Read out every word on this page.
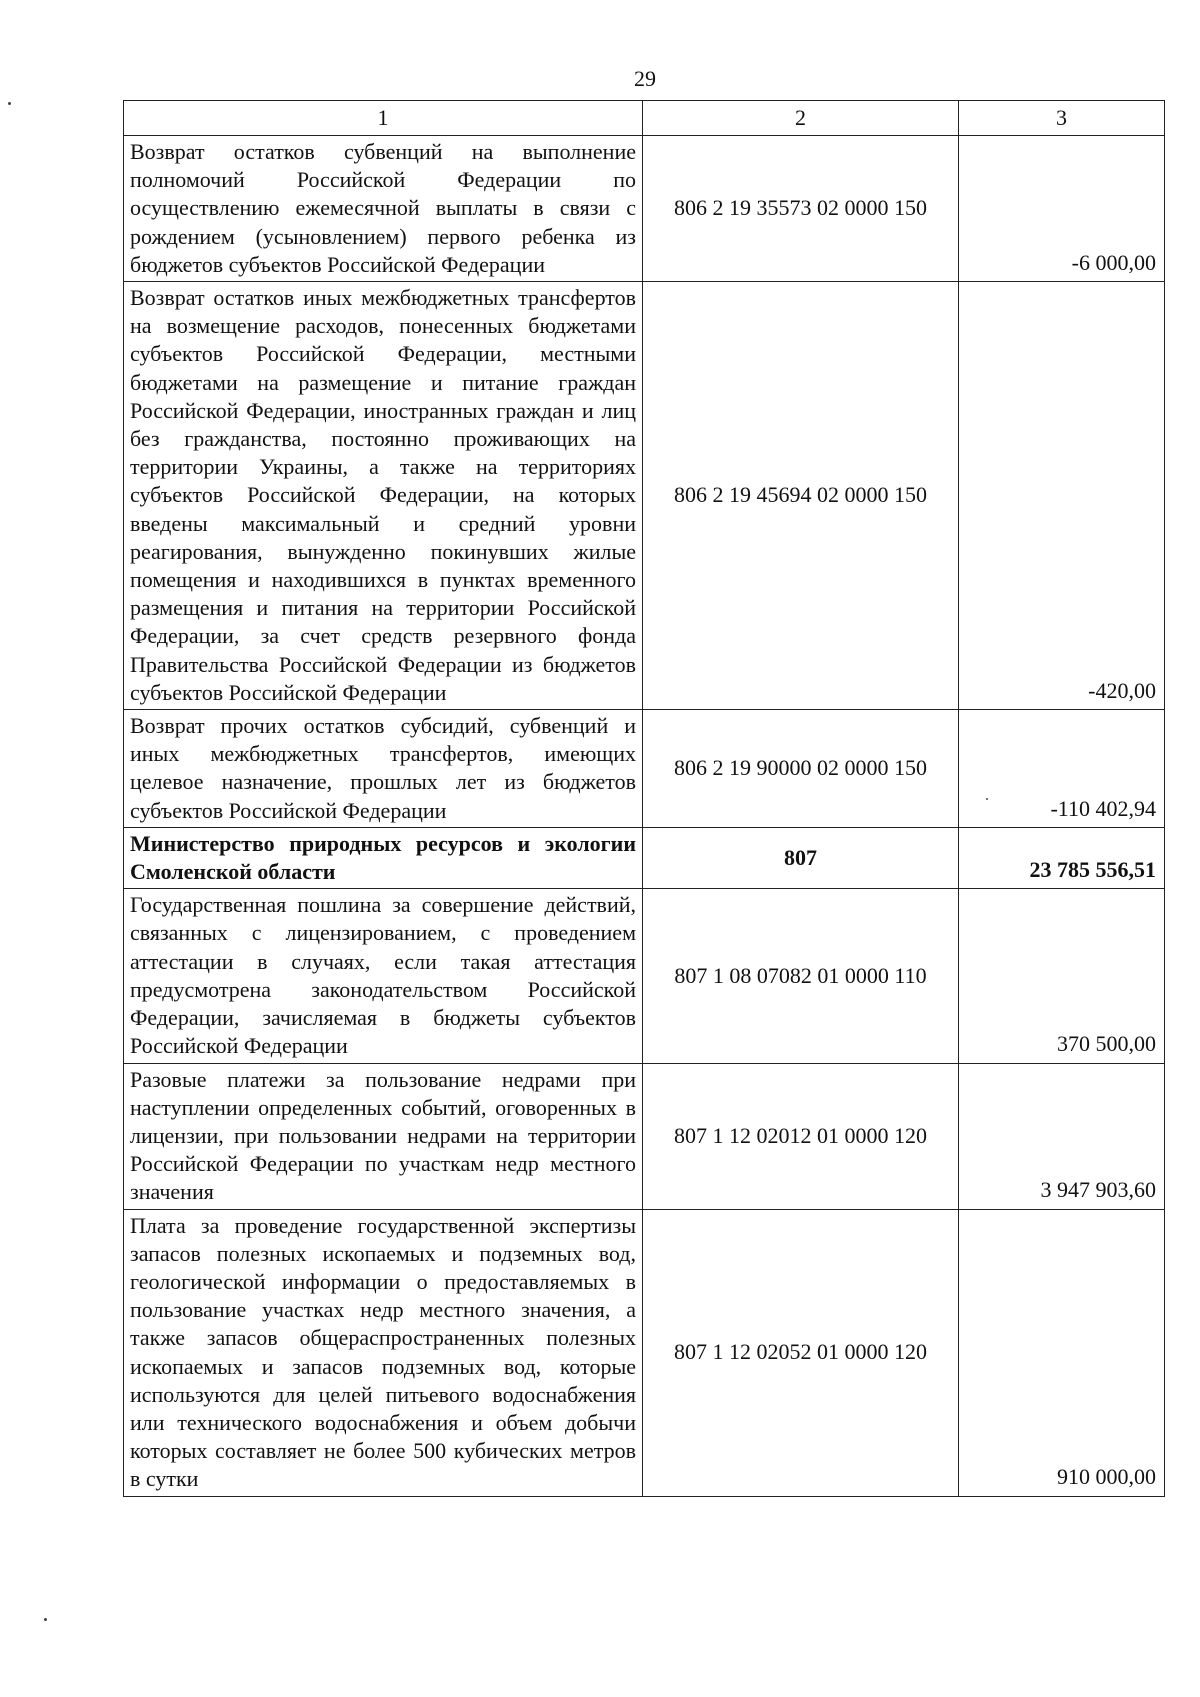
29
1	2	3
Возврат остатков субвенций на выполнение полномочий Российской Федерации по осуществлению ежемесячной выплаты в связи с рождением (усыновлением) первого ребенка из бюджетов субъектов Российской Федерации	806 2 19 35573 02 0000 150	-6 000,00
Возврат остатков иных межбюджетных трансфертов на возмещение расходов, понесенных бюджетами субъектов Российской Федерации, местными бюджетами на размещение и питание граждан Российской Федерации, иностранных граждан и лиц без гражданства, постоянно проживающих на территории Украины, а также на территориях субъектов Российской Федерации, на которых введены максимальный и средний уровни реагирования, вынужденно покинувших жилые помещения и находившихся в пунктах временного размещения и питания на территории Российской Федерации, за счет средств резервного фонда Правительства Российской Федерации из бюджетов субъектов Российской Федерации	806 2 19 45694 02 0000 150	-420,00
Возврат прочих остатков субсидий, субвенций и иных межбюджетных трансфертов, имеющих целевое назначение, прошлых лет из бюджетов субъектов Российской Федерации	806 2 19 90000 02 0000 150	-110 402,94
Министерство природных ресурсов и экологии Смоленской области	807	23 785 556,51
Государственная пошлина за совершение действий, связанных с лицензированием, с проведением аттестации в случаях, если такая аттестация предусмотрена законодательством Российской Федерации, зачисляемая в бюджеты субъектов Российской Федерации	807 1 08 07082 01 0000 110	370 500,00
Разовые платежи за пользование недрами при наступлении определенных событий, оговоренных в лицензии, при пользовании недрами на территории Российской Федерации по участкам недр местного значения	807 1 12 02012 01 0000 120	3 947 903,60
Плата за проведение государственной экспертизы запасов полезных ископаемых и подземных вод, геологической информации о предоставляемых в пользование участках недр местного значения, а также запасов общераспространенных полезных ископаемых и запасов подземных вод, которые используются для целей питьевого водоснабжения или технического водоснабжения и объем добычи которых составляет не более 500 кубических метров в сутки	807 1 12 02052 01 0000 120	910 000,00
